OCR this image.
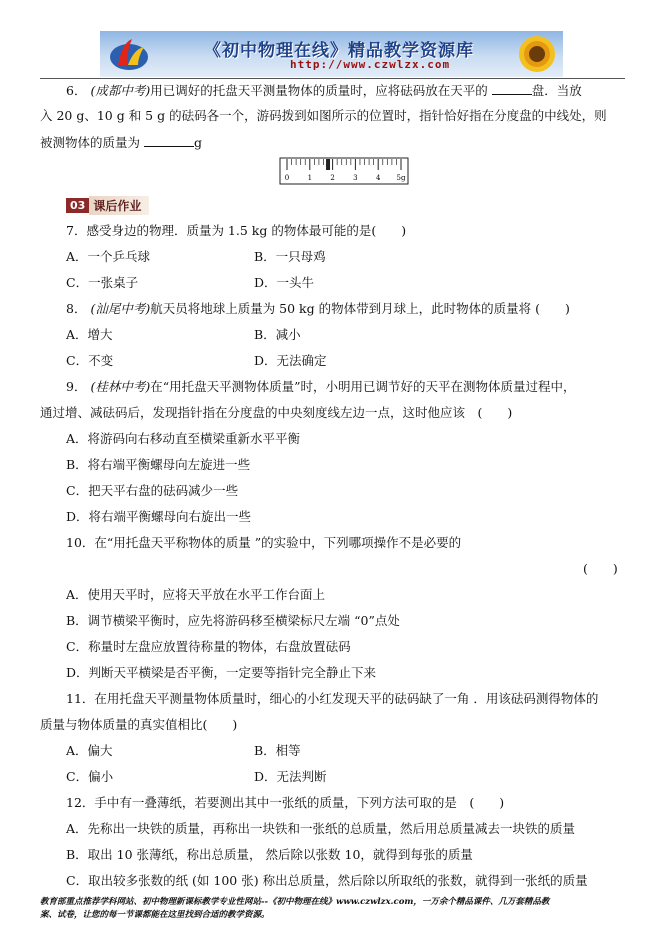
《初中物理在线》精品教学资源库
http://www.czwlzx.com
6． (成都中考)用已调好的托盘天平测量物体的质量时，应将砝码放在天平的	盘．当放
入 20 g、10 g 和 5 g 的砝码各一个，游码拨到如图所示的位置时，指针恰好指在分度盘的中线处，则
被测物体的质量为	g
0	1	2	3	4 5g
03 课后作业
7．感受身边的物理．质量为 1.5 kg 的物体最可能的是(　　)
A．一个乒乓球	B．一只母鸡
C．一张桌子	D．一头牛
8． (汕尾中考)航天员将地球上质量为 50 kg 的物体带到月球上，此时物体的质量将 (　　)
A．增大	B．减小
C．不变	D．无法确定
9． (桂林中考)在“用托盘天平测物体质量”时，小明用已调节好的天平在测物体质量过程中，
通过增、减砝码后，发现指针指在分度盘的中央刻度线左边一点，这时他应该　(　　)
A．将游码向右移动直至横梁重新水平平衡
B．将右端平衡螺母向左旋进一些
C．把天平右盘的砝码减少一些
D．将右端平衡螺母向右旋出一些
10．在“用托盘天平称物体的质量 ”的实验中，下列哪项操作不是必要的
(　　)
A．使用天平时，应将天平放在水平工作台面上
B．调节横梁平衡时，应先将游码移至横梁标尺左端 “0”点处
C．称量时左盘应放置待称量的物体，右盘放置砝码
D．判断天平横梁是否平衡，一定要等指针完全静止下来
11．在用托盘天平测量物体质量时，细心的小红发现天平的砝码缺了一角 ．用该砝码测得物体的
质量与物体质量的真实值相比(　　)
A．偏大	B．相等
C．偏小	D．无法判断
12．手中有一叠薄纸，若要测出其中一张纸的质量，下列方法可取的是　(　　)
A．先称出一块铁的质量，再称出一块铁和一张纸的总质量，然后用总质量减去一块铁的质量
B．取出 10 张薄纸，称出总质量， 然后除以张数 10，就得到每张的质量
C．取出较多张数的纸 (如 100 张) 称出总质量，然后除以所取纸的张数，就得到一张纸的质量
教育部重点推荐学科网站、初中物理新课标教学专业性网站--《初中物理在线》www.czwlzx.com，一万余个精品课件、几万套精品教
案、试卷，让您的每一节课都能在这里找到合适的教学资源。
